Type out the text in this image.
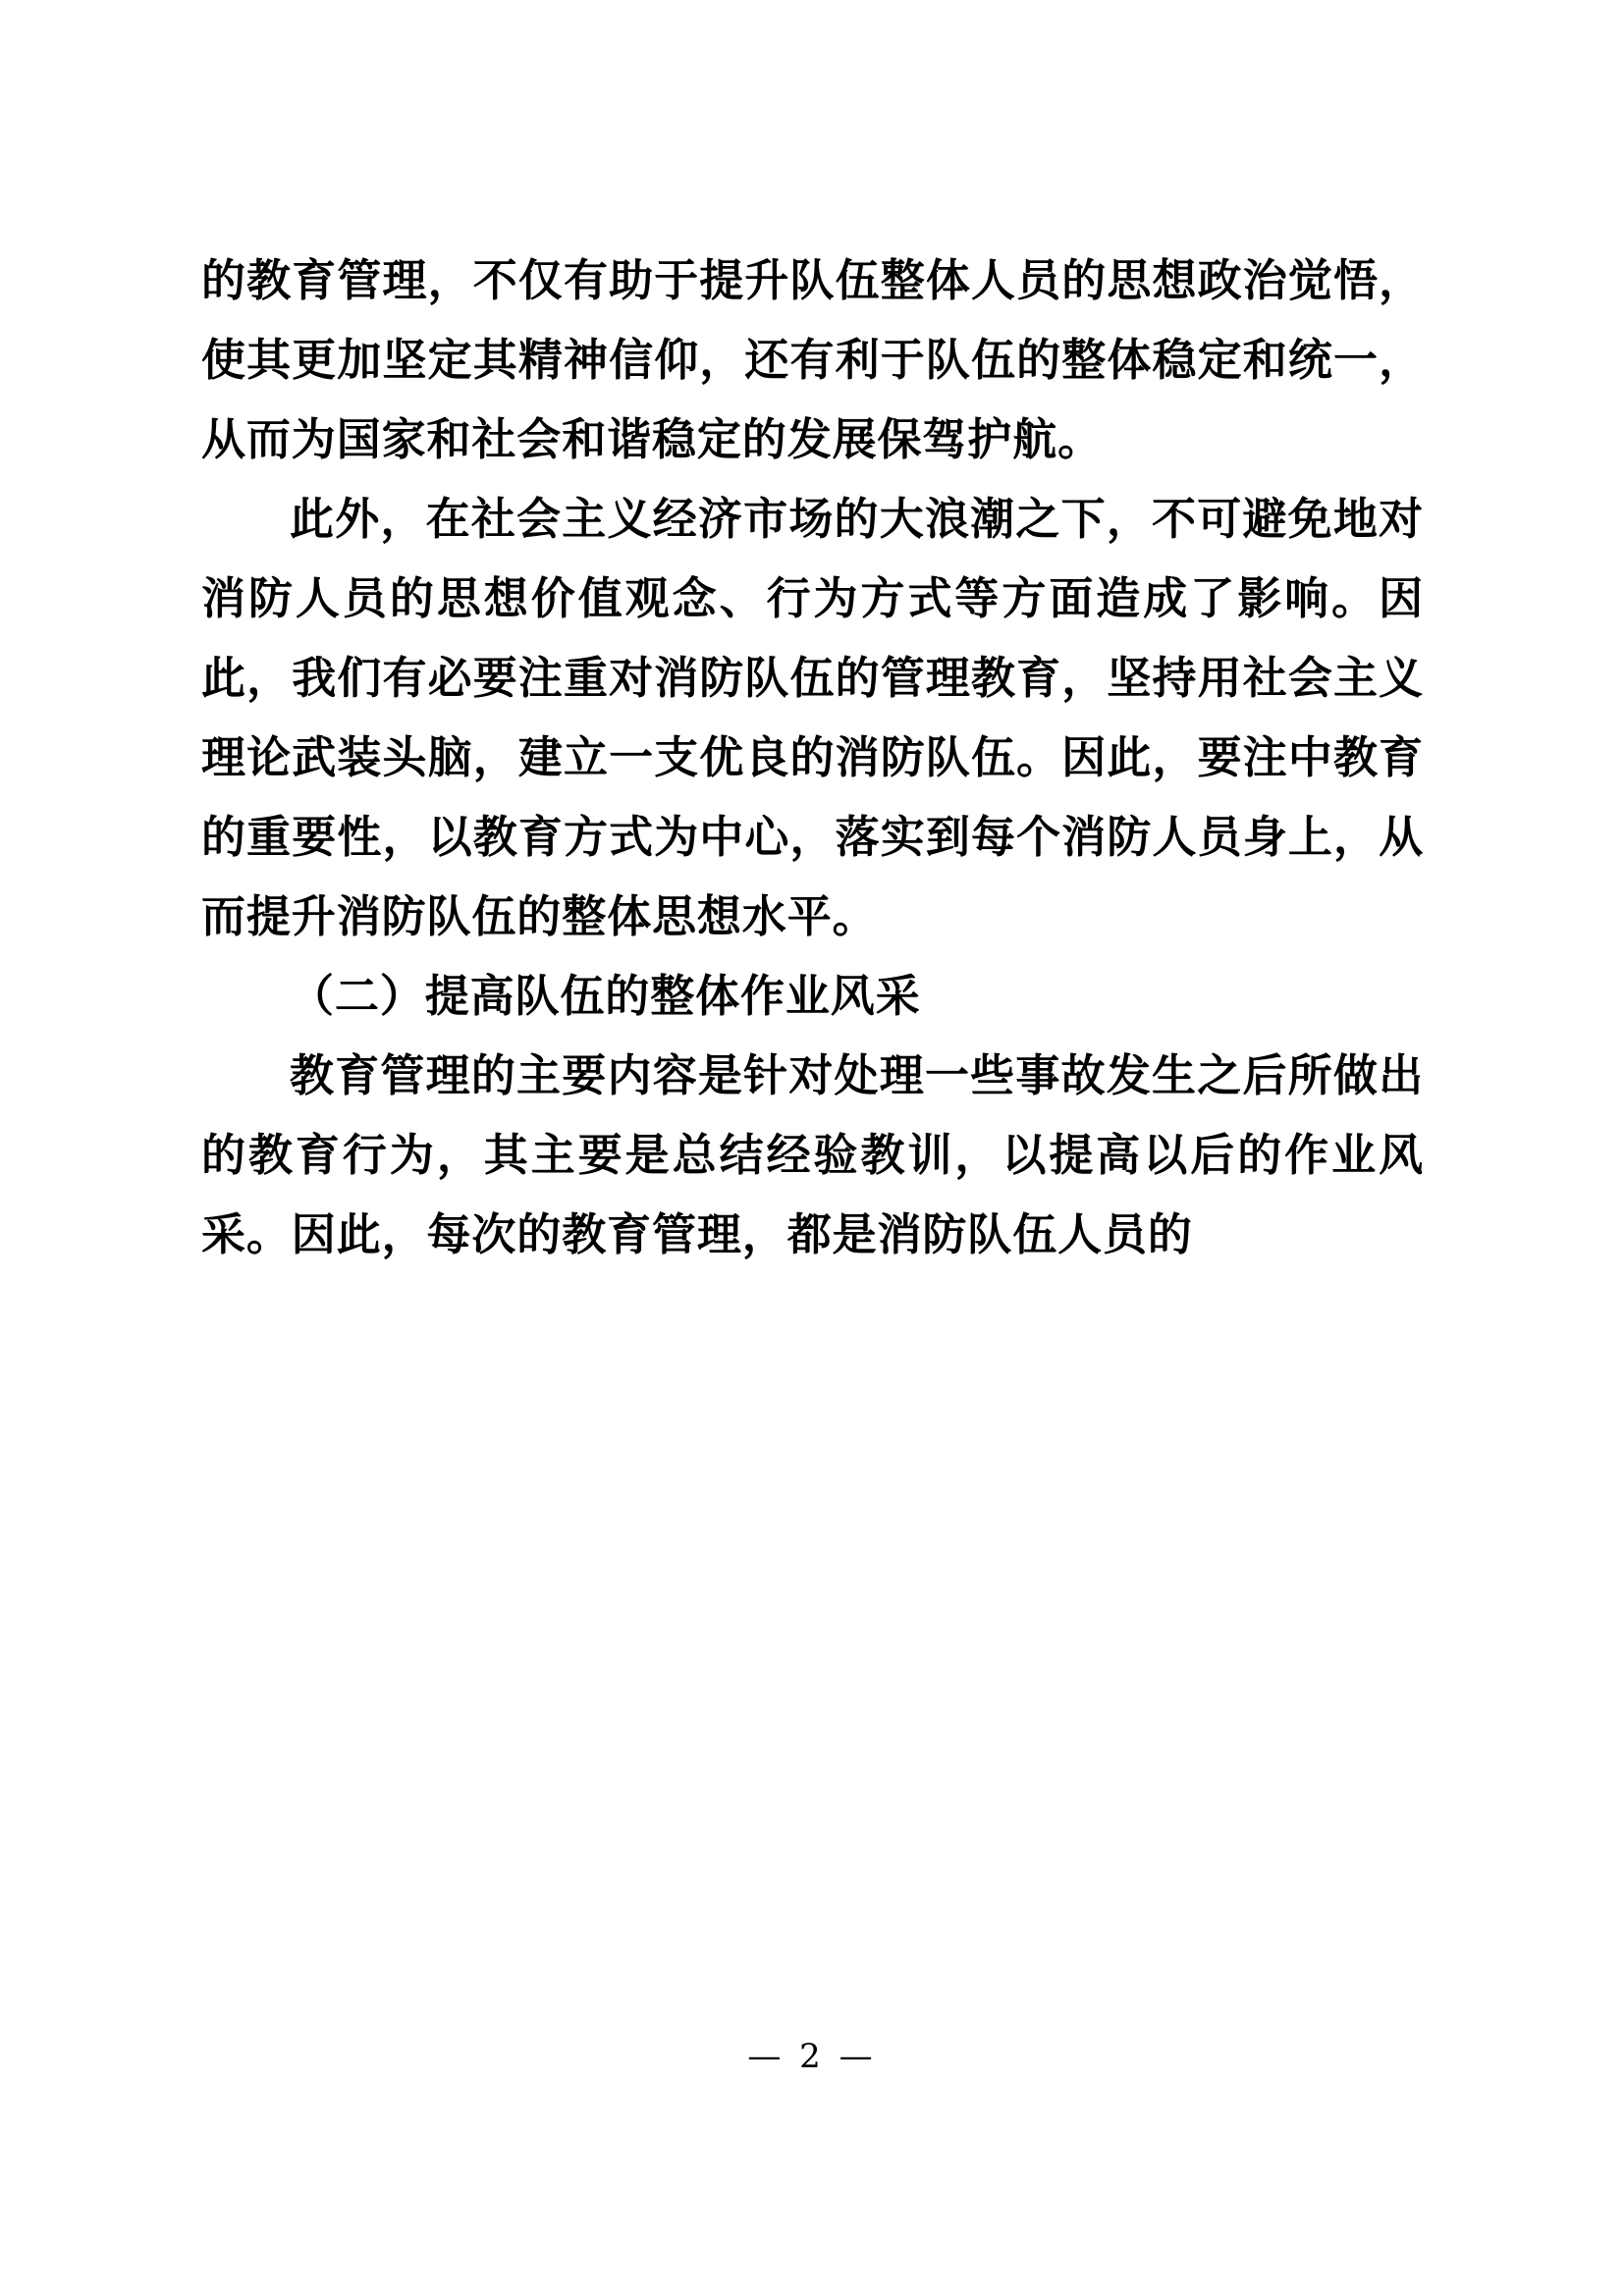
的教育管理，不仅有助于提升队伍整体人员的思想政治觉悟，使其更加坚定其精神信仰，还有利于队伍的整体稳定和统一，从而为国家和社会和谐稳定的发展保驾护航。

此外，在社会主义经济市场的大浪潮之下，不可避免地对消防人员的思想价值观念、行为方式等方面造成了影响。因此，我们有必要注重对消防队伍的管理教育，坚持用社会主义理论武装头脑，建立一支优良的消防队伍。因此，要注中教育的重要性，以教育方式为中心，落实到每个消防人员身上，从而提升消防队伍的整体思想水平。

（二）提高队伍的整体作业风采

教育管理的主要内容是针对处理一些事故发生之后所做出的教育行为，其主要是总结经验教训，以提高以后的作业风采。因此，每次的教育管理，都是消防队伍人员的

— 2 —
